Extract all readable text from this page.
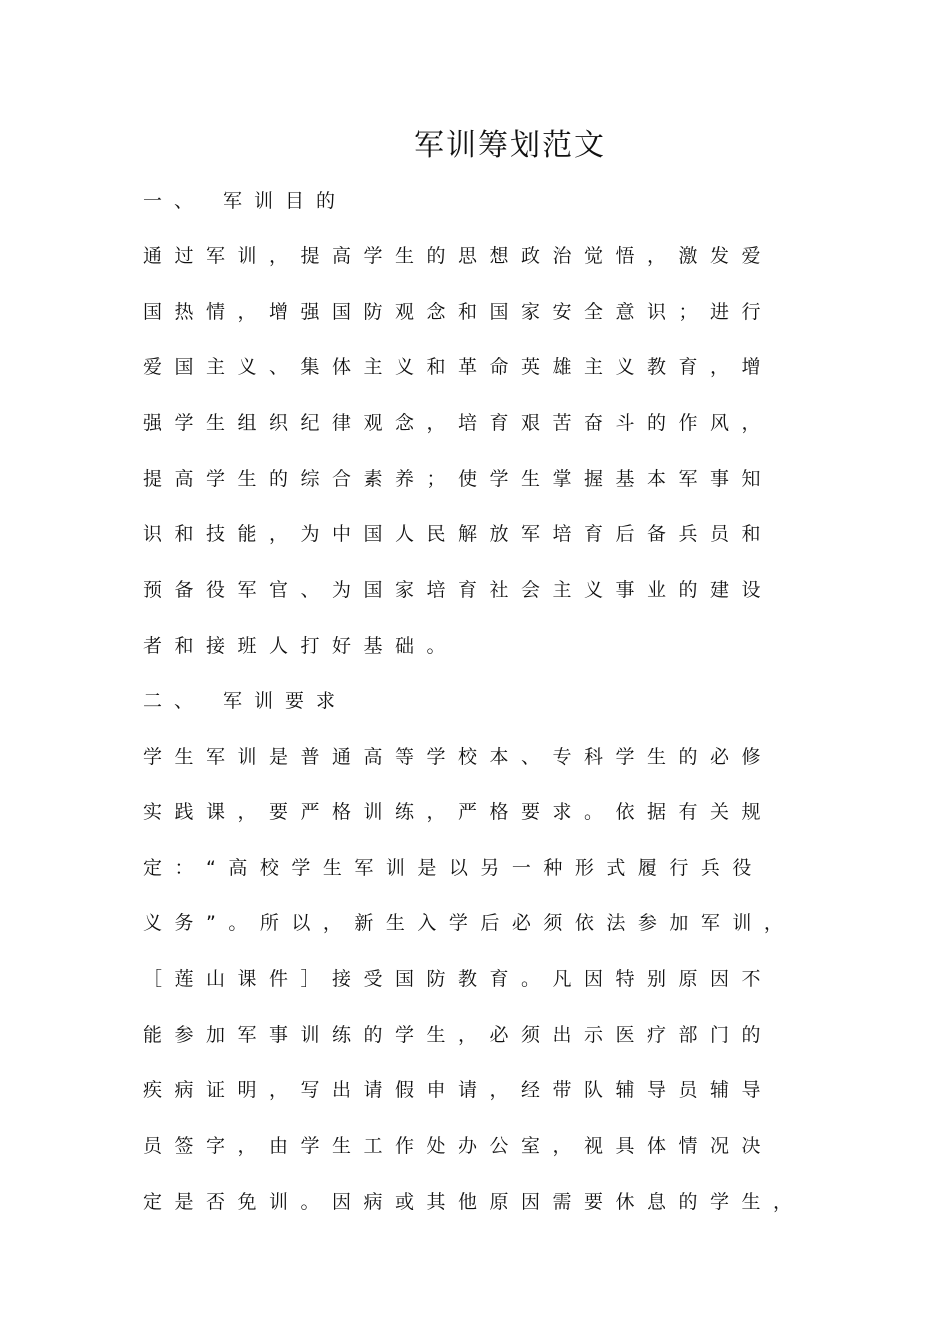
军训筹划范文
一、 军训目的
通过军训，提高学生的思想政治觉悟，激发爱
国热情，增强国防观念和国家安全意识；进行
爱国主义、集体主义和革命英雄主义教育，增
强学生组织纪律观念，培育艰苦奋斗的作风，
提高学生的综合素养；使学生掌握基本军事知
识和技能，为中国人民解放军培育后备兵员和
预备役军官、为国家培育社会主义事业的建设
者和接班人打好基础。
二、 军训要求
学生军训是普通高等学校本、专科学生的必修
实践课，要严格训练，严格要求。依据有关规
定：“高校学生军训是以另一种形式履行兵役
义务”。所以，新生入学后必须依法参加军训，
［莲山课件］接受国防教育。凡因特别原因不
能参加军事训练的学生，必须出示医疗部门的
疾病证明，写出请假申请，经带队辅导员辅导
员签字，由学生工作处办公室，视具体情况决
定是否免训。因病或其他原因需要休息的学生，
